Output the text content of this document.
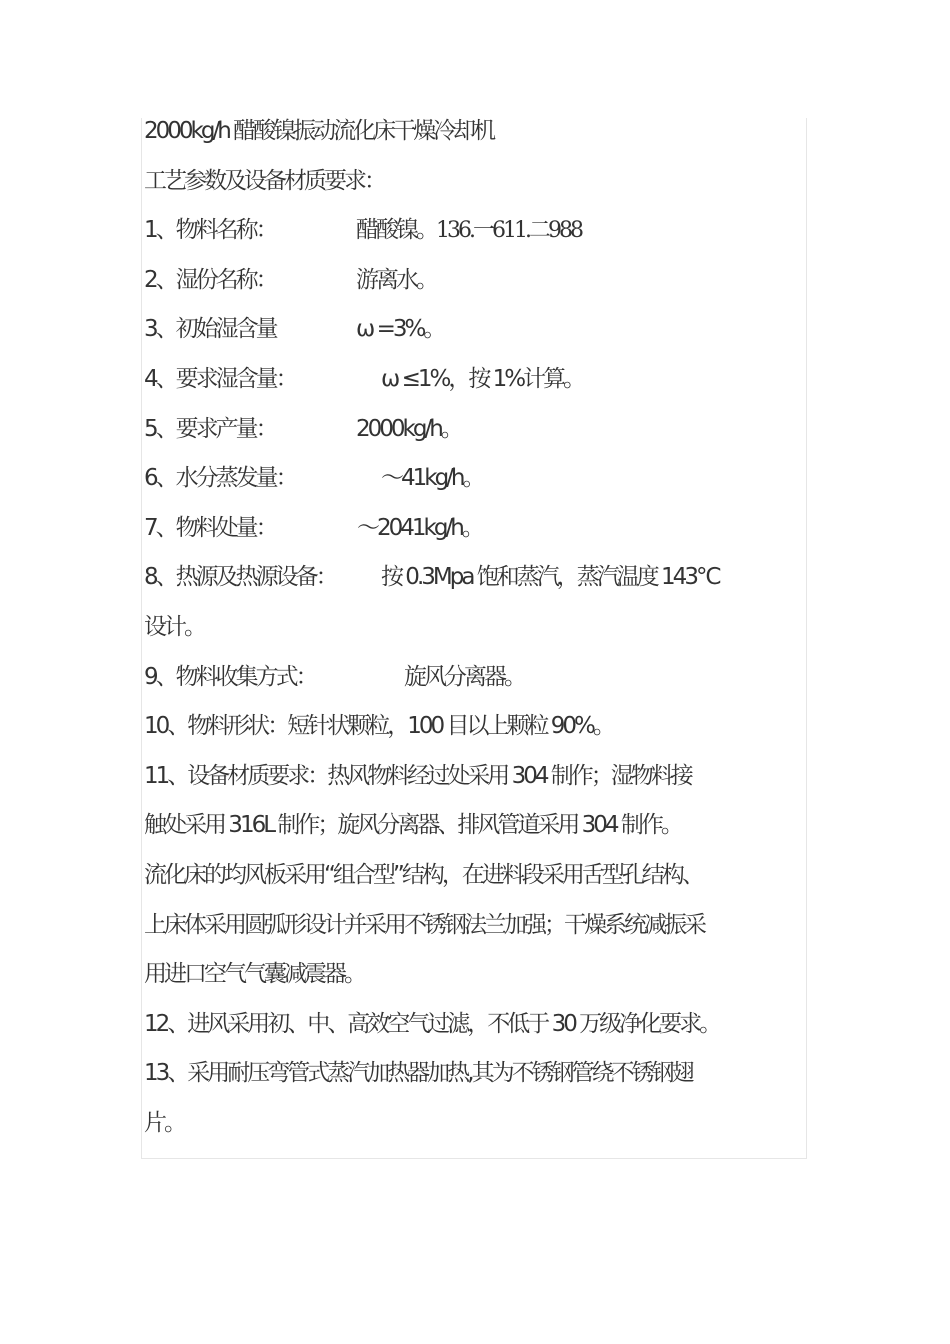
2000kg/h 醋酸镍振动流化床干燥冷却机
工艺参数及设备材质要求：
1、物料名称：	醋酸镍。136.一611.二988
2、湿份名称：	游离水。
3、初始湿含量	ω =3%。
4、要求湿含量：	ω ≤1%，按 1%计算。
5、要求产量：	2000kg/h。
6、水分蒸发量：	～41kg/h。
7、物料处量：	～2041kg/h。
8、热源及热源设备： 按 0.3Mpa 饱和蒸汽，蒸汽温度 143℃
设计。
9、物料收集方式：	旋风分离器。
10、物料形状：短针状颗粒，100 目以上颗粒 90%。
11、设备材质要求：热风物料经过处采用 304 制作；湿物料接
触处采用 316L 制作；旋风分离器、排风管道采用 304 制作。
流化床的均风板采用“组合型”结构，在进料段采用舌型孔结构、
上床体采用圆弧形设计并采用不锈钢法兰加强；干燥系统减振采
用进口空气气囊减震器。
12、进风采用初、中、高效空气过滤，不低于 30 万级净化要求。
13、采用耐压弯管式蒸汽加热器加热,其为不锈钢管绕不锈钢翅
片。
